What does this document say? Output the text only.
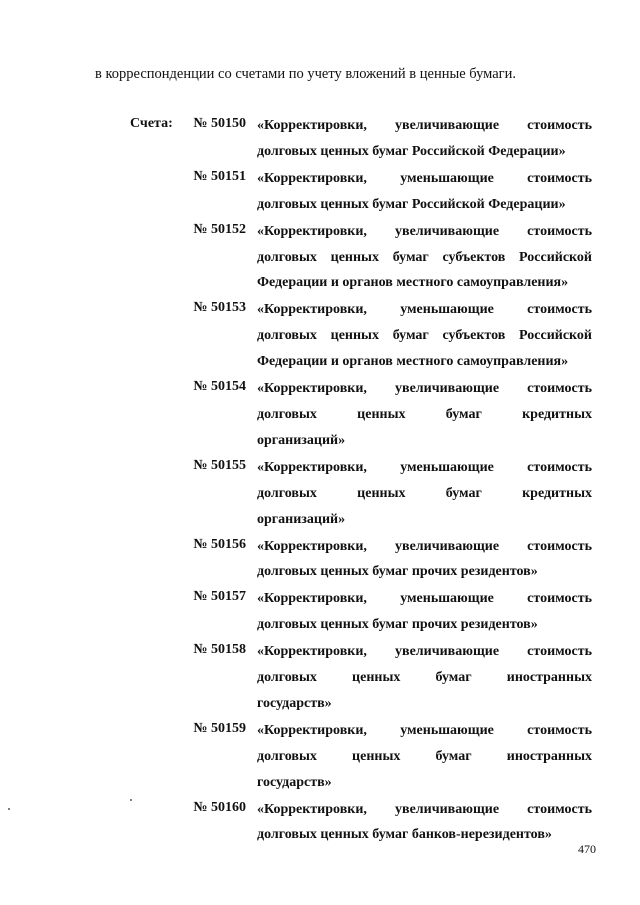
в корреспонденции со счетами по учету вложений в ценные бумаги.
Счета: № 50150 «Корректировки, увеличивающие стоимость
долговых ценных бумаг Российской Федерации»
№ 50151 «Корректировки, уменьшающие стоимость
долговых ценных бумаг Российской Федерации»
№ 50152 «Корректировки, увеличивающие стоимость
долговых ценных бумаг субъектов Российской
Федерации и органов местного самоуправления»
№ 50153 «Корректировки, уменьшающие стоимость
долговых ценных бумаг субъектов Российской
Федерации и органов местного самоуправления»
№ 50154 «Корректировки, увеличивающие стоимость
долговых ценных бумаг кредитных
организаций»
№ 50155 «Корректировки, уменьшающие стоимость
долговых ценных бумаг кредитных
организаций»
№ 50156 «Корректировки, увеличивающие стоимость
долговых ценных бумаг прочих резидентов»
№ 50157 «Корректировки, уменьшающие стоимость
долговых ценных бумаг прочих резидентов»
№ 50158 «Корректировки, увеличивающие стоимость
долговых ценных бумаг иностранных
государств»
№ 50159 «Корректировки, уменьшающие стоимость
долговых ценных бумаг иностранных
государств»
№ 50160 «Корректировки, увеличивающие стоимость
долговых ценных бумаг банков-нерезидентов»
470
